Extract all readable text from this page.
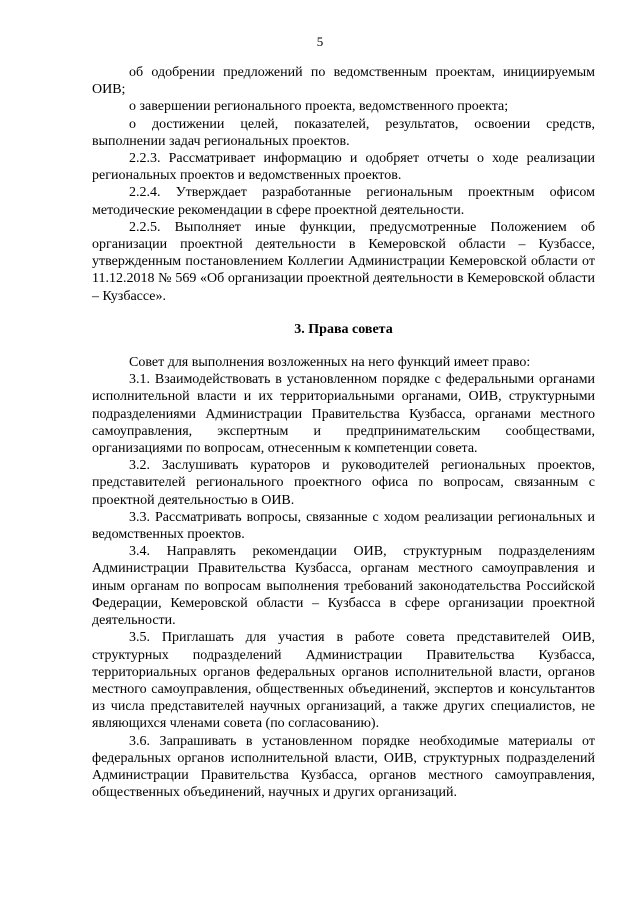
5

об одобрении предложений по ведомственным проектам, инициируемым ОИВ;

о завершении регионального проекта, ведомственного проекта;

о достижении целей, показателей, результатов, освоении средств, выполнении задач региональных проектов.

2.2.3. Рассматривает информацию и одобряет отчеты о ходе реализации региональных проектов и ведомственных проектов.

2.2.4. Утверждает разработанные региональным проектным офисом методические рекомендации в сфере проектной деятельности.

2.2.5. Выполняет иные функции, предусмотренные Положением об организации проектной деятельности в Кемеровской области – Кузбассе, утвержденным постановлением Коллегии Администрации Кемеровской области от 11.12.2018 № 569 «Об организации проектной деятельности в Кемеровской области – Кузбассе».

3. Права совета

Совет для выполнения возложенных на него функций имеет право:

3.1. Взаимодействовать в установленном порядке с федеральными органами исполнительной власти и их территориальными органами, ОИВ, структурными подразделениями Администрации Правительства Кузбасса, органами местного самоуправления, экспертным и предпринимательским сообществами, организациями по вопросам, отнесенным к компетенции совета.

3.2. Заслушивать кураторов и руководителей региональных проектов, представителей регионального проектного офиса по вопросам, связанным с проектной деятельностью в ОИВ.

3.3. Рассматривать вопросы, связанные с ходом реализации региональных и ведомственных проектов.

3.4. Направлять рекомендации ОИВ, структурным подразделениям Администрации Правительства Кузбасса, органам местного самоуправления и иным органам по вопросам выполнения требований законодательства Российской Федерации, Кемеровской области – Кузбасса в сфере организации проектной деятельности.

3.5. Приглашать для участия в работе совета представителей ОИВ, структурных подразделений Администрации Правительства Кузбасса, территориальных органов федеральных органов исполнительной власти, органов местного самоуправления, общественных объединений, экспертов и консультантов из числа представителей научных организаций, а также других специалистов, не являющихся членами совета (по согласованию).

3.6. Запрашивать в установленном порядке необходимые материалы от федеральных органов исполнительной власти, ОИВ, структурных подразделений Администрации Правительства Кузбасса, органов местного самоуправления, общественных объединений, научных и других организаций.
